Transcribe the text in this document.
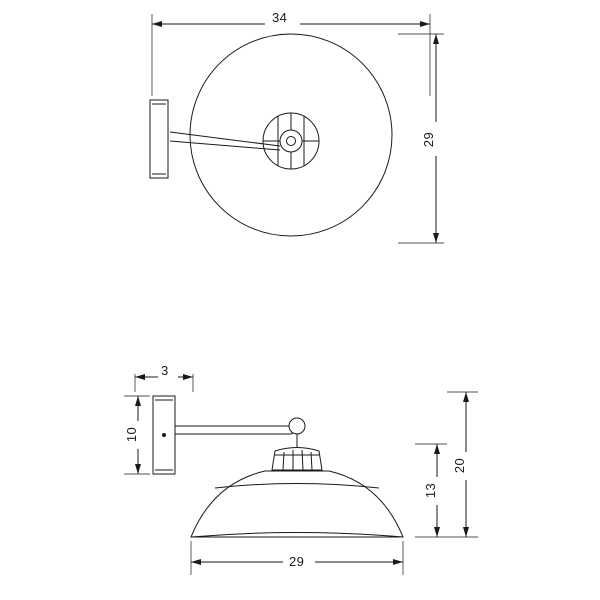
34
29
3
10
13
20
29
